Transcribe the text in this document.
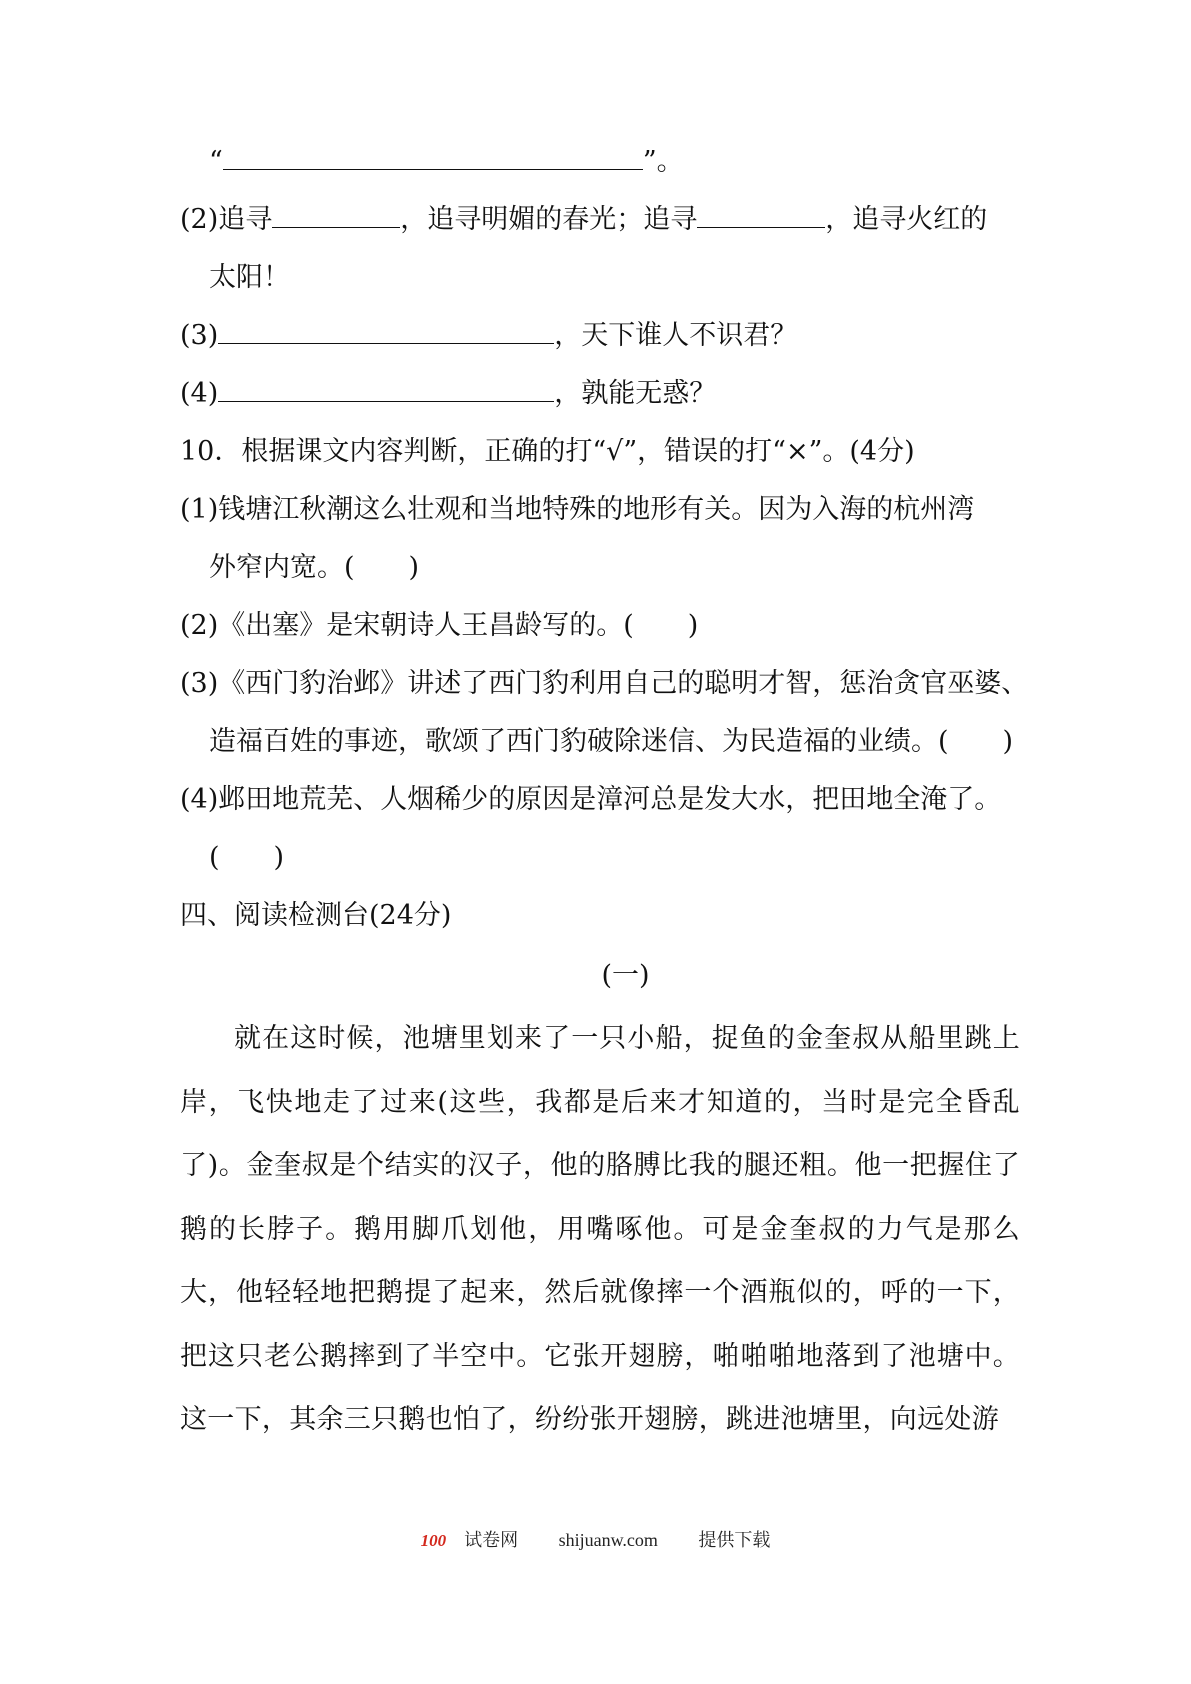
“	”。
(2)追寻	，追寻明媚的春光；追寻	，追寻火红的
太阳！
(3)	，天下谁人不识君？
(4)	，孰能无惑？
10．根据课文内容判断，正确的打“√”，错误的打“×”。(4分)
(1)钱塘江秋潮这么壮观和当地特殊的地形有关。因为入海的杭州湾
外窄内宽。(　　)
(2)《出塞》是宋朝诗人王昌龄写的。(　　)
(3)《西门豹治邺》讲述了西门豹利用自己的聪明才智，惩治贪官巫婆、
造福百姓的事迹，歌颂了西门豹破除迷信、为民造福的业绩。(　　)
(4)邺田地荒芜、人烟稀少的原因是漳河总是发大水，把田地全淹了。
(　　)
四、阅读检测台(24分)
(一)
就在这时候，池塘里划来了一只小船，捉鱼的金奎叔从船里跳上岸，飞快地走了过来(这些，我都是后来才知道的，当时是完全昏乱了)。金奎叔是个结实的汉子，他的胳膊比我的腿还粗。他一把握住了鹅的长脖子。鹅用脚爪划他，用嘴啄他。可是金奎叔的力气是那么大，他轻轻地把鹅提了起来，然后就像摔一个酒瓶似的，呼的一下，把这只老公鹅摔到了半空中。它张开翅膀，啪啪啪地落到了池塘中。这一下，其余三只鹅也怕了，纷纷张开翅膀，跳进池塘里，向远处游
100 试卷网 shijuanw.com 提供下载
